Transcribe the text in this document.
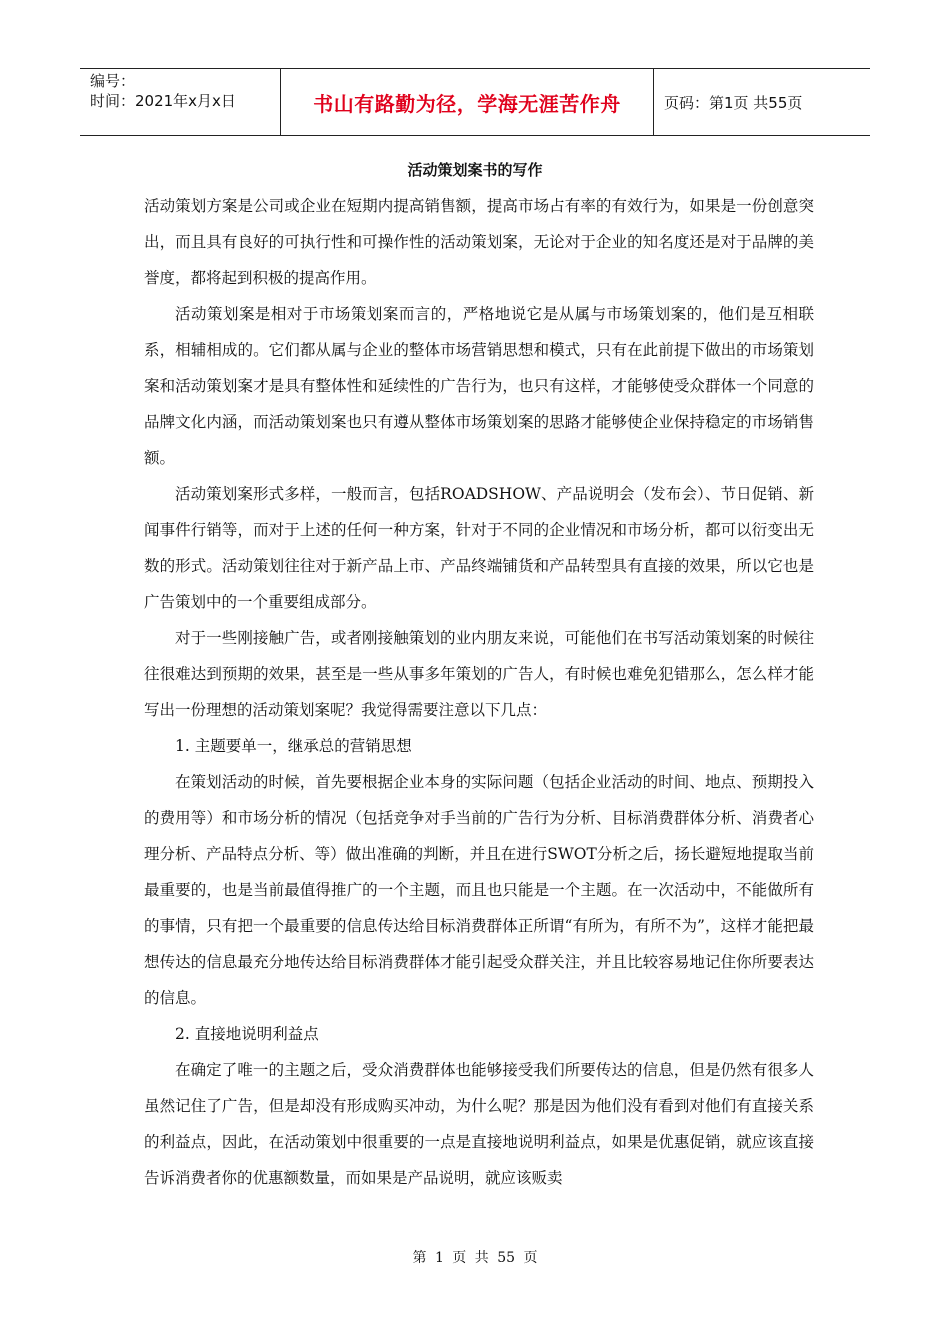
编号：
时间：2021年x月x日	书山有路勤为径，学海无涯苦作舟	页码：第1页 共55页
活动策划案书的写作

活动策划方案是公司或企业在短期内提高销售额，提高市场占有率的有效行为，如果是一份创意突出，而且具有良好的可执行性和可操作性的活动策划案，无论对于企业的知名度还是对于品牌的美誉度，都将起到积极的提高作用。

活动策划案是相对于市场策划案而言的，严格地说它是从属与市场策划案的，他们是互相联系，相辅相成的。它们都从属与企业的整体市场营销思想和模式，只有在此前提下做出的市场策划案和活动策划案才是具有整体性和延续性的广告行为，也只有这样，才能够使受众群体一个同意的品牌文化内涵，而活动策划案也只有遵从整体市场策划案的思路才能够使企业保持稳定的市场销售额。

活动策划案形式多样，一般而言，包括ROADSHOW、产品说明会（发布会）、节日促销、新闻事件行销等，而对于上述的任何一种方案，针对于不同的企业情况和市场分析，都可以衍变出无数的形式。活动策划往往对于新产品上市、产品终端铺货和产品转型具有直接的效果，所以它也是广告策划中的一个重要组成部分。

对于一些刚接触广告，或者刚接触策划的业内朋友来说，可能他们在书写活动策划案的时候往往很难达到预期的效果，甚至是一些从事多年策划的广告人，有时候也难免犯错那么，怎么样才能写出一份理想的活动策划案呢？我觉得需要注意以下几点：

1. 主题要单一，继承总的营销思想

在策划活动的时候，首先要根据企业本身的实际问题（包括企业活动的时间、地点、预期投入的费用等）和市场分析的情况（包括竞争对手当前的广告行为分析、目标消费群体分析、消费者心理分析、产品特点分析、等）做出准确的判断，并且在进行SWOT分析之后，扬长避短地提取当前最重要的，也是当前最值得推广的一个主题，而且也只能是一个主题。在一次活动中，不能做所有的事情，只有把一个最重要的信息传达给目标消费群体正所谓“有所为，有所不为”，这样才能把最想传达的信息最充分地传达给目标消费群体才能引起受众群关注，并且比较容易地记住你所要表达的信息。

2. 直接地说明利益点

在确定了唯一的主题之后，受众消费群体也能够接受我们所要传达的信息，但是仍然有很多人虽然记住了广告，但是却没有形成购买冲动，为什么呢？那是因为他们没有看到对他们有直接关系的利益点，因此，在活动策划中很重要的一点是直接地说明利益点，如果是优惠促销，就应该直接告诉消费者你的优惠额数量，而如果是产品说明，就应该贩卖

第 1 页 共 55 页
